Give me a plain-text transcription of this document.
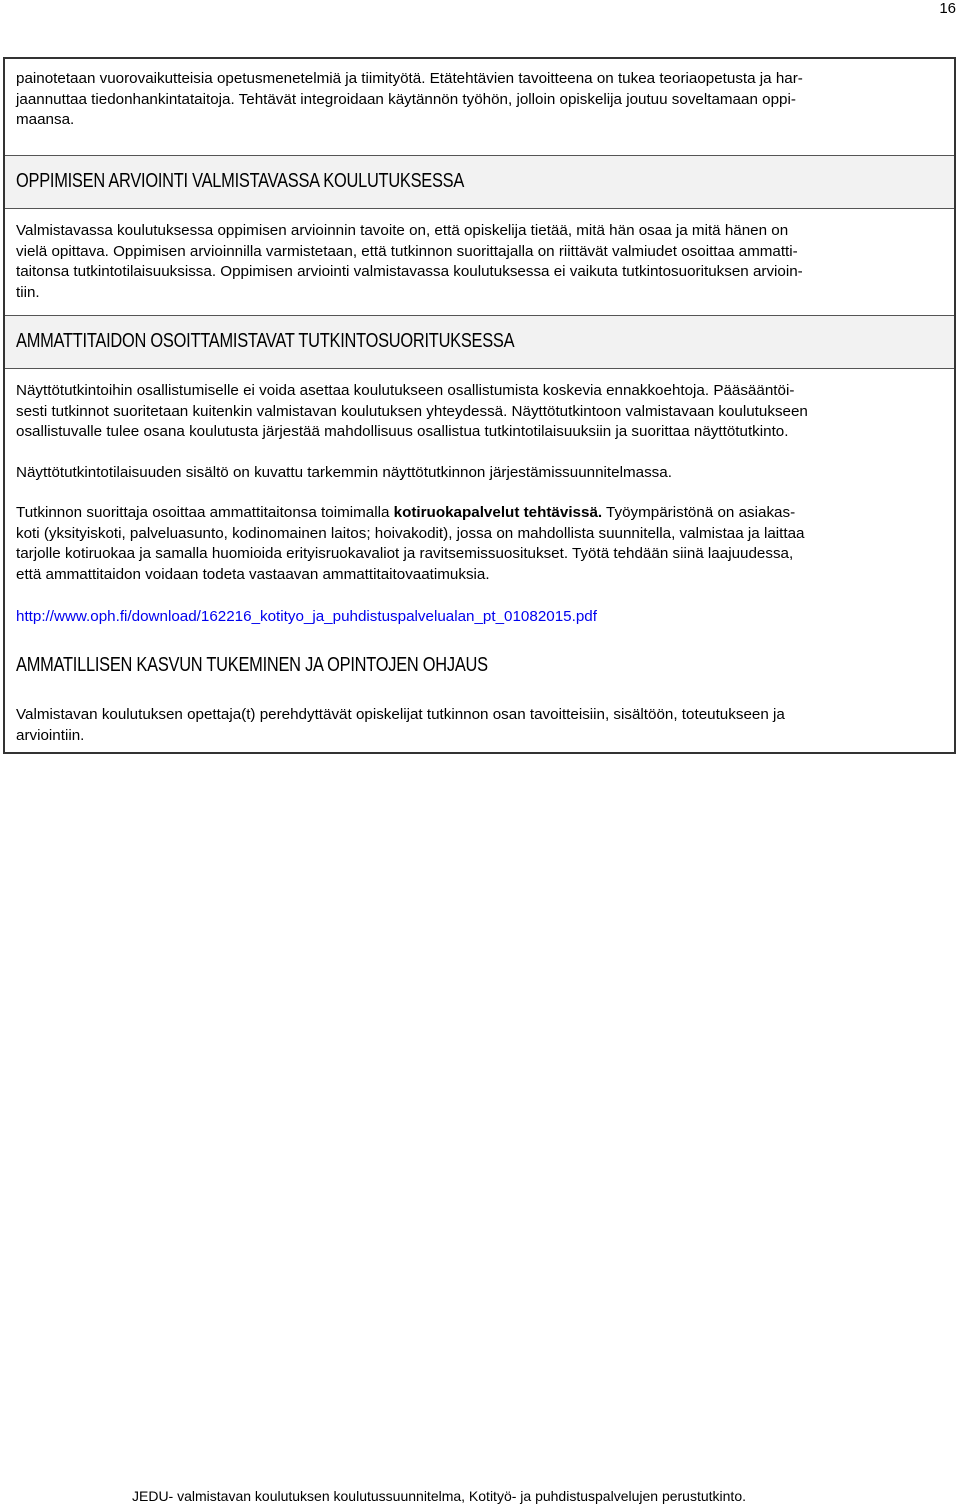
16
painotetaan vuorovaikutteisia opetusmenetelmiä ja tiimityötä. Etätehtävien tavoitteena on tukea teoriaopetusta ja har-
jaannuttaa tiedonhankintataitoja. Tehtävät integroidaan käytännön työhön, jolloin opiskelija joutuu soveltamaan oppi-
maansa.
OPPIMISEN ARVIOINTI VALMISTAVASSA KOULUTUKSESSA
Valmistavassa koulutuksessa oppimisen arvioinnin tavoite on, että opiskelija tietää, mitä hän osaa ja mitä hänen on
vielä opittava. Oppimisen arvioinnilla varmistetaan, että tutkinnon suorittajalla on riittävät valmiudet osoittaa ammatti-
taitonsa tutkintotilaisuuksissa. Oppimisen arviointi valmistavassa koulutuksessa ei vaikuta tutkintosuorituksen arvioin-
tiin.
AMMATTITAIDON OSOITTAMISTAVAT TUTKINTOSUORITUKSESSA
Näyttötutkintoihin osallistumiselle ei voida asettaa koulutukseen osallistumista koskevia ennakkoehtoja. Pääsääntöi-
sesti tutkinnot suoritetaan kuitenkin valmistavan koulutuksen yhteydessä. Näyttötutkintoon valmistavaan koulutukseen
osallistuvalle tulee osana koulutusta järjestää mahdollisuus osallistua tutkintotilaisuuksiin ja suorittaa näyttötutkinto.
Näyttötutkintotilaisuuden sisältö on kuvattu tarkemmin näyttötutkinnon järjestämissuunnitelmassa.
Tutkinnon suorittaja osoittaa ammattitaitonsa toimimalla kotiruokapalvelut tehtävissä. Työympäristönä on asiakas-
koti (yksityiskoti, palveluasunto, kodinomainen laitos; hoivakodit), jossa on mahdollista suunnitella, valmistaa ja laittaa
tarjolle kotiruokaa ja samalla huomioida erityisruokavaliot ja ravitsemissuositukset. Työtä tehdään siinä laajuudessa,
että ammattitaidon voidaan todeta vastaavan ammattitaitovaatimuksia.
http://www.oph.fi/download/162216_kotityo_ja_puhdistuspalvelualan_pt_01082015.pdf
AMMATILLISEN KASVUN TUKEMINEN JA OPINTOJEN OHJAUS
Valmistavan koulutuksen opettaja(t) perehdyttävät opiskelijat tutkinnon osan tavoitteisiin, sisältöön, toteutukseen ja
arviointiin.
JEDU- valmistavan koulutuksen koulutussuunnitelma, Kotityö- ja puhdistuspalvelujen perustutkinto.
